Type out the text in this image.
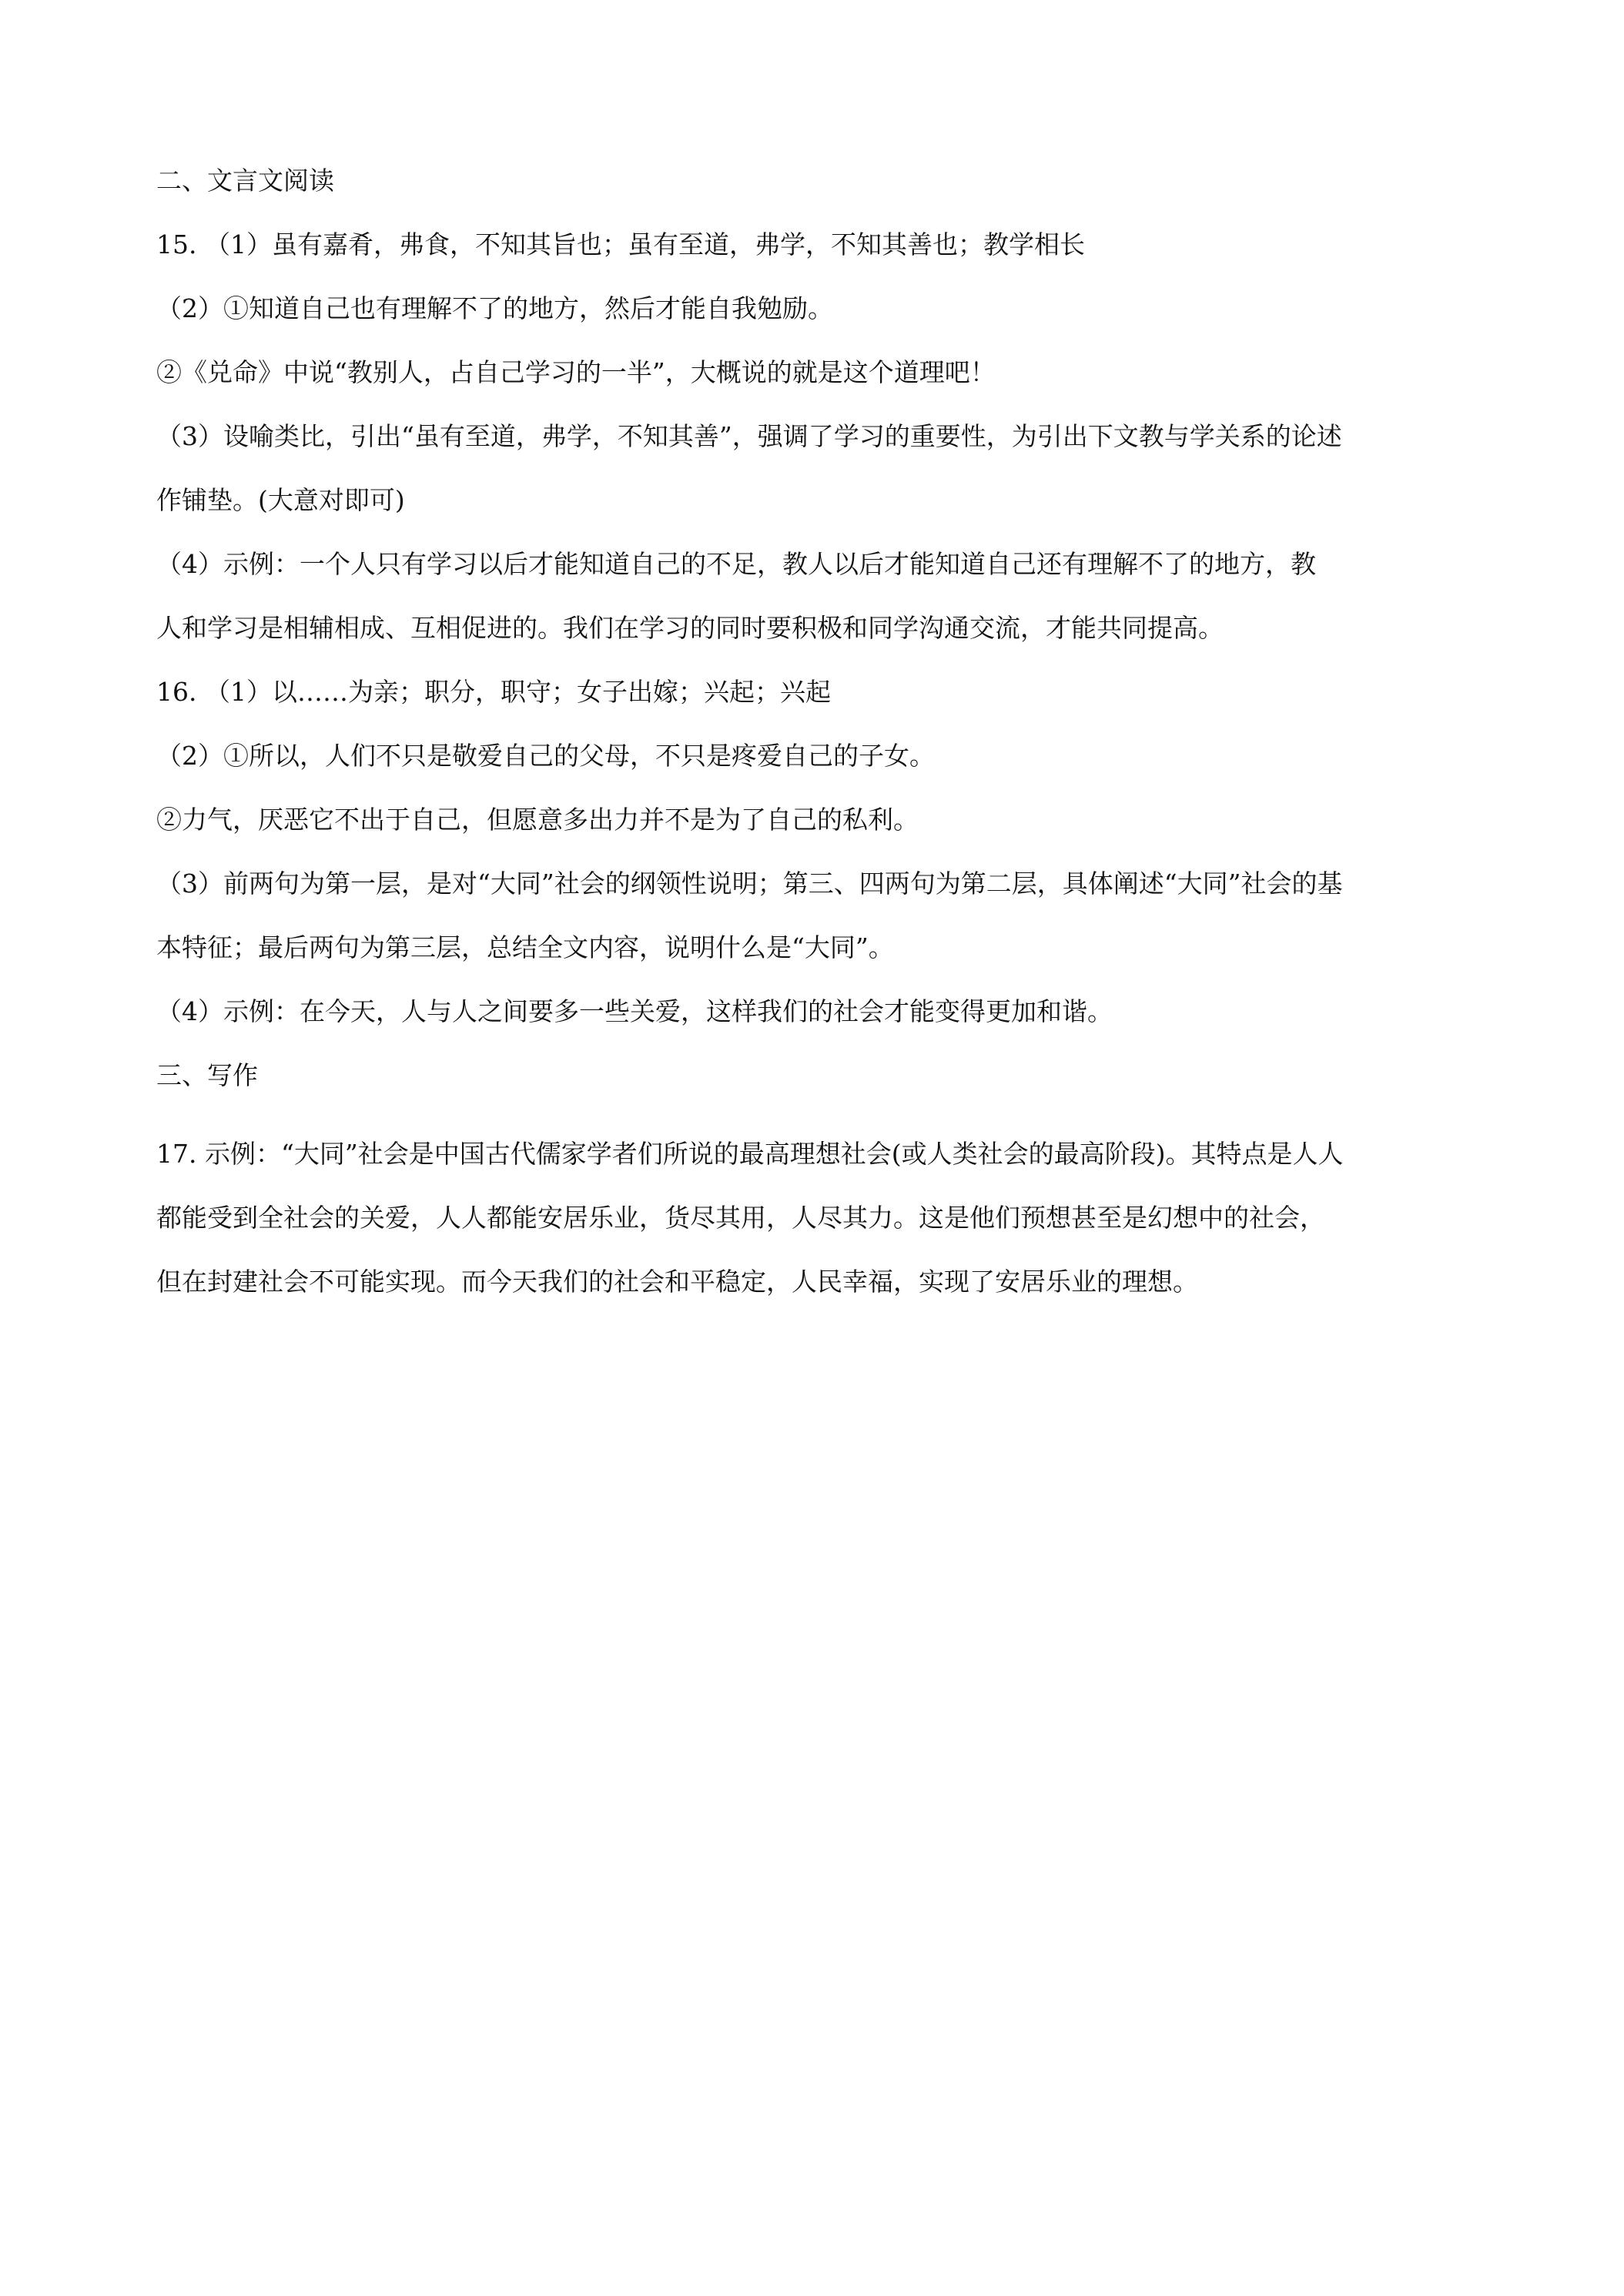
二、文言文阅读

15. （1）虽有嘉肴，弗食，不知其旨也；虽有至道，弗学，不知其善也；教学相长

（2）①知道自己也有理解不了的地方，然后才能自我勉励。

②《兑命》中说“教别人，占自己学习的一半”，大概说的就是这个道理吧！

（3）设喻类比，引出“虽有至道，弗学，不知其善”，强调了学习的重要性，为引出下文教与学关系的论述

作铺垫。(大意对即可)

（4）示例：一个人只有学习以后才能知道自己的不足，教人以后才能知道自己还有理解不了的地方，教

人和学习是相辅相成、互相促进的。我们在学习的同时要积极和同学沟通交流，才能共同提高。

16. （1）以……为亲；职分，职守；女子出嫁；兴起；兴起

（2）①所以，人们不只是敬爱自己的父母，不只是疼爱自己的子女。

②力气，厌恶它不出于自己，但愿意多出力并不是为了自己的私利。

（3）前两句为第一层，是对“大同”社会的纲领性说明；第三、四两句为第二层，具体阐述“大同”社会的基

本特征；最后两句为第三层，总结全文内容，说明什么是“大同”。

（4）示例：在今天，人与人之间要多一些关爱，这样我们的社会才能变得更加和谐。

三、写作

17. 示例：“大同”社会是中国古代儒家学者们所说的最高理想社会(或人类社会的最高阶段)。其特点是人人

都能受到全社会的关爱，人人都能安居乐业，货尽其用，人尽其力。这是他们预想甚至是幻想中的社会，

但在封建社会不可能实现。而今天我们的社会和平稳定，人民幸福，实现了安居乐业的理想。
